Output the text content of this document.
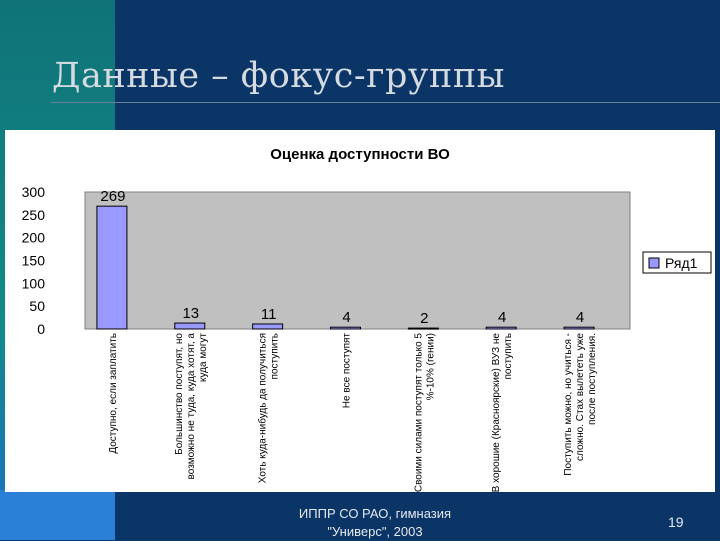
Данные – фокус-группы
Оценка доступности ВО
Ряд1
0
50
100
150
200
250
300	269
13	11	4	2	4	4
Доступно, если заплатить	Большинство поступят, но возможно не туда, куда хотят, а куда могут	Хоть куда-нибудь да получиться поступить	Не все поступят	Своими силами поступят только 5 %-10% (гении)	В хорошие (Красноярские) ВУЗ не поступить	Поступить можно, но учиться - сложно. Стах вылететь уже после поступления.
ИППР СО РАО, гимназия
"Универс", 2003
19
